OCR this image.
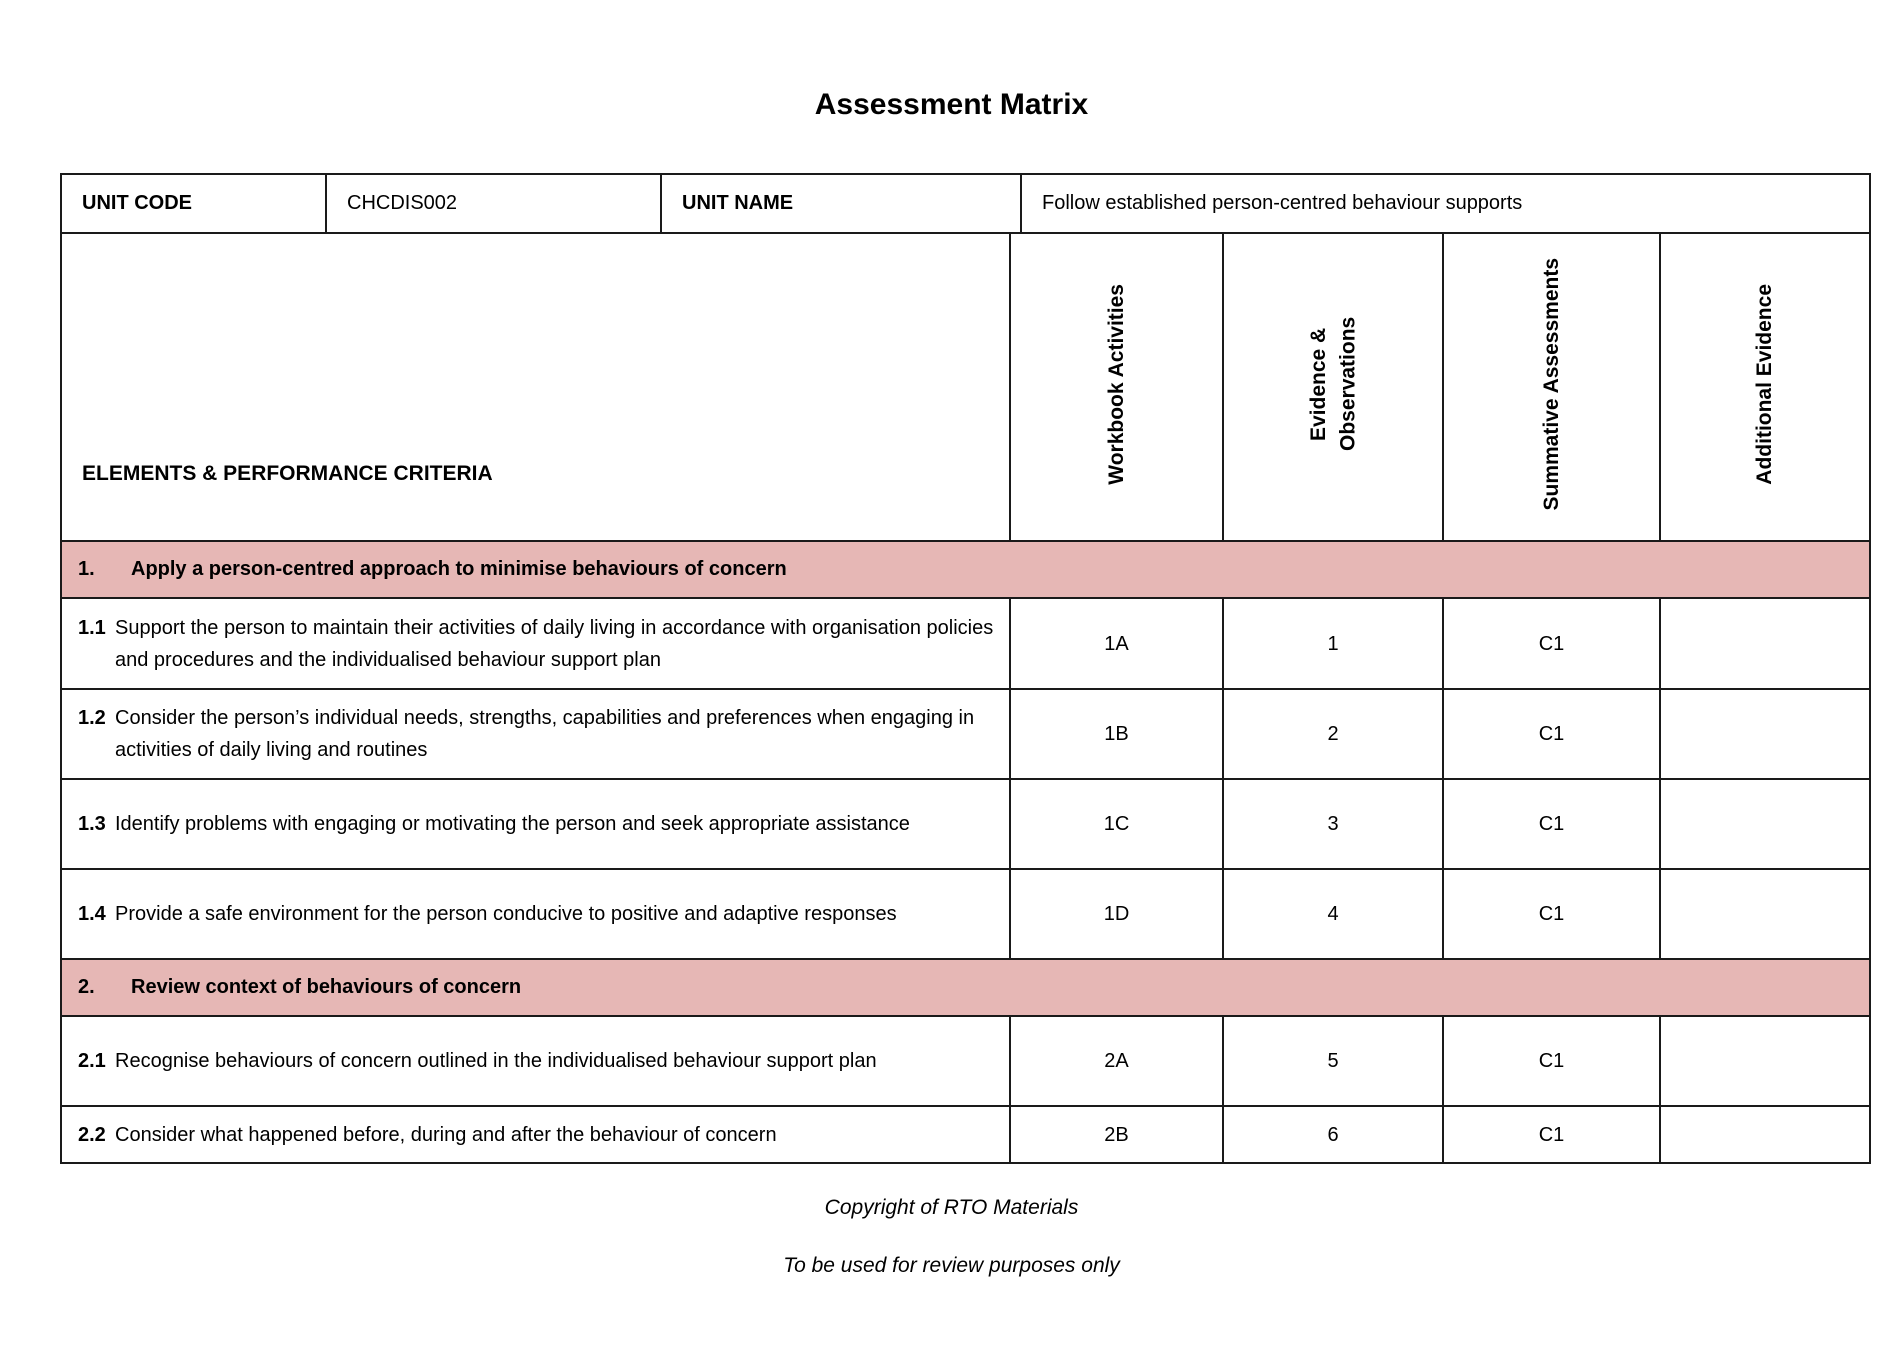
Assessment Matrix
UNIT CODE	CHCDIS002	UNIT NAME	Follow established person-centred behaviour supports
ELEMENTS & PERFORMANCE CRITERIA	Workbook Activities	Evidence & Observations	Summative Assessments	Additional Evidence

1. Apply a person-centred approach to minimise behaviours of concern				

1.1 Support the person to maintain their activities of daily living in accordance with organisation policies and procedures and the individualised behaviour support plan	1A	1	C1	

1.2 Consider the person’s individual needs, strengths, capabilities and preferences when engaging in activities of daily living and routines	1B	2	C1	

1.3 Identify problems with engaging or motivating the person and seek appropriate assistance	1C	3	C1	

1.4 Provide a safe environment for the person conducive to positive and adaptive responses	1D	4	C1	

2. Review context of behaviours of concern				

2.1 Recognise behaviours of concern outlined in the individualised behaviour support plan	2A	5	C1	

2.2 Consider what happened before, during and after the behaviour of concern	2B	6	C1	

Copyright of RTO Materials

To be used for review purposes only
